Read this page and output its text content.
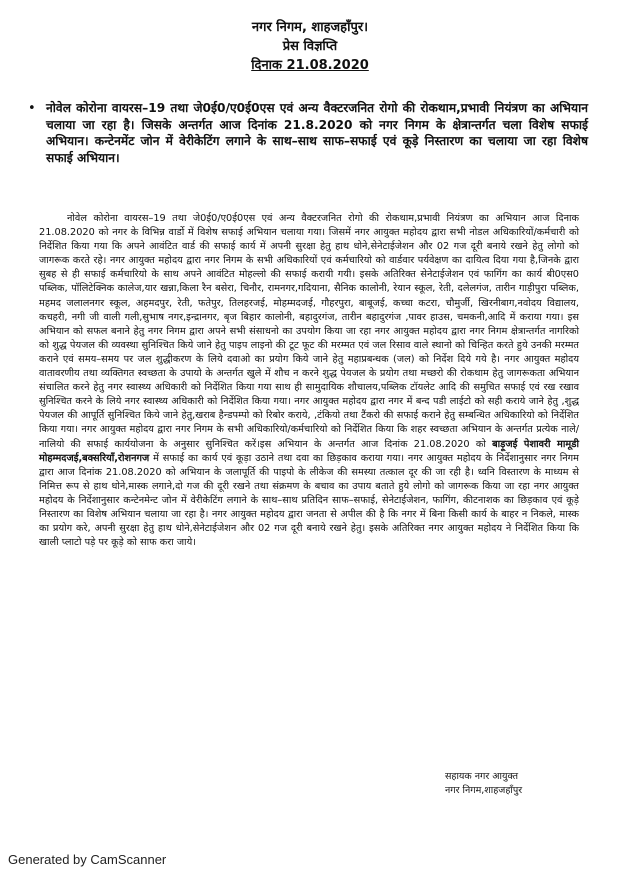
नगर निगम, शाहजहाँपुर।
प्रेस विज्ञप्ति
दिनाक 21.08.2020
• नोवेल कोरोना वायरस–19 तथा जे0ई0/ए0ई0एस एवं अन्य वैक्टरजनित रोगो की रोकथाम,प्रभावी नियंत्रण का अभियान चलाया जा रहा है। जिसके अन्तर्गत आज दिनांक 21.8.2020 को नगर निगम के क्षेत्रान्तर्गत चला विशेष सफाई अभियान। कन्टेनमेंट जोन में वेरीकेटिंग लगाने के साथ–साथ साफ–सफाई एवं कूड़े निस्तारण का चलाया जा रहा विशेष सफाई अभियान।

नोवेल कोरोना वायरस–19 तथा जे0ई0/ए0ई0एस एवं अन्य वैक्टरजनित रोगो की रोकथाम,प्रभावी नियंत्रण का अभियान आज दिनाक 21.08.2020 को नगर के विभिन्न वार्डो में विशेष सफाई अभियान चलाया गया। जिसमें नगर आयुक्त महोदय द्वारा सभी नोडल अधिकारियों/कर्मचारी को निर्देशित किया गया कि अपने आवंटित वार्ड की सफाई कार्य में अपनी सुरक्षा हेतु हाथ धोने,सेनेटाईजेशन और 02 गज दूरी बनाये रखने हेतु लोगो को जागरूक करते रहे। नगर आयुक्त महोदय द्वारा नगर निगम के सभी अधिकारियों एवं कर्मचारियो को वार्डवार पर्यवेक्षण का दायित्व दिया गया है,जिनके द्वारा सुबह से ही सफाई कर्मचारियो के साथ अपने आवंटित मोहल्लो की सफाई करायी गयी। इसके अतिरिक्त सेनेटाईजेशन एवं फागिंग का कार्य बी0एस0 पब्लिक, पॉलिटेक्निक कालेज,यार खन्ना,किला रैन बसेरा, चिनौर, रामनगर,गदियाना, सैनिक कालोनी, रेयान स्कूल, रेती, दलेलगंज, तारीन गाड़ीपुरा पब्लिक, महमद जलालनगर स्कूल, अहमदपुर, रेती, फतेपुर, तिलहरजई, मोहम्मदजई, गौहरपुरा, बाबूजई, कच्चा कटरा, चौमुर्जी, खिरनीबाग,नवोदय विद्यालय, कचहरी, नगी जी वाली गली,सुभाष नगर,इन्द्रानगर, बृज बिहार कालोनी, बहादुरगंज, तारीन बहादुरगंज ,पावर हाउस, चमकनी,आदि में कराया गया। इस अभियान को सफल बनाने हेतु नगर निगम द्वारा अपने सभी संसाधनो का उपयोग किया जा रहा नगर आयुक्त महोदय द्वारा नगर निगम क्षेत्रान्तर्गत नागरिको को शुद्ध पेयजल की व्यवस्था सुनिश्चित किये जाने हेतु पाइप लाइनो की टूट फूट की मरम्मत एवं जल रिसाव वाले स्थानो को चिन्हित करते हुये उनकी मरम्मत कराने एवं समय–समय पर जल शुद्धीकरण के लिये दवाओ का प्रयोग किये जाने हेतु महाप्रबन्धक (जल) को निर्देश दिये गये है। नगर आयुक्त महोदय वातावरणीय तथा व्यक्तिगत स्वच्छता के उपायो के अन्तर्गत खुले में शौच न करने शुद्ध पेयजल के प्रयोग तथा मच्छरो की रोकथाम हेतु जागरूकता अभियान संचालित करने हेतु नगर स्वास्थ्य अधिकारी को निर्देशित किया गया साथ ही सामुदायिक शौचालय,पब्लिक टॉयलेट आदि की समुचित सफाई एवं रख रखाव सुनिश्चित करने के लिये नगर स्वास्थ्य अधिकारी को निर्देशित किया गया। नगर आयुक्त महोदय द्वारा नगर में बन्द पडी लाईटो को सही कराये जाने हेतु ,शुद्ध पेयजल की आपूर्ति सुनिश्चित किये जाने हेतु,खराब हैन्डपम्पो को रिबोर कराये, ,टंकियो तथा टैंकरो की सफाई कराने हेतु सम्बन्धित अधिकारियो को निर्देशित किया गया। नगर आयुक्त महोदय द्वारा नगर निगम के सभी अधिकारियो/कर्मचारियो को निर्देशित किया कि शहर स्वच्छता अभियान के अन्तर्गत प्रत्येक नाले/नालियो की सफाई कार्ययोजना के अनुसार सुनिश्चित करें।इस अभियान के अन्तर्गत आज दिनांक 21.08.2020 को बाड़ूजई पेशावरी मामूडी मोहम्मदजई,बक्सरियाँ,रोशनगज में सफाई का कार्य एवं कूड़ा उठाने तथा दवा का छिड़काव कराया गया। नगर आयुक्त महोदय के निर्देशानुसार नगर निगम द्वारा आज दिनांक 21.08.2020 को अभियान के जलापूर्ति की पाइपो के लीकेज की समस्या तत्काल दूर की जा रही है। ध्वनि विस्तारण के माध्यम से निमित्त रूप से हाथ धोने,मास्क लगाने,दो गज की दूरी रखने तथा संक्रमण के बचाव का उपाय बताते हुये लोगो को जागरूक किया जा रहा नगर आयुक्त महोदय के निर्देशानुसार कन्टेनमेन्ट जोन में वेरीकेटिंग लगाने के साथ–साथ प्रतिदिन साफ–सफाई, सेनेटाईजेशन, फागिंग, कीटनाशक का छिड़काव एवं कूड़े निस्तारण का विशेष अभियान चलाया जा रहा है। नगर आयुक्त महोदय द्वारा जनता से अपील की है कि नगर में बिना किसी कार्य के बाहर न निकले, मास्क का प्रयोग करे, अपनी सुरक्षा हेतु हाथ धोने,सेनेटाईजेशन और 02 गज दूरी बनाये रखने हेतु। इसके अतिरिक्त नगर आयुक्त महोदय ने निर्देशित किया कि खाली प्लाटो पड़े पर कूड़े को साफ करा जाये।

सहायक नगर आयुक्त
नगर निगम,शाहजहाँपुर
Generated by CamScanner
